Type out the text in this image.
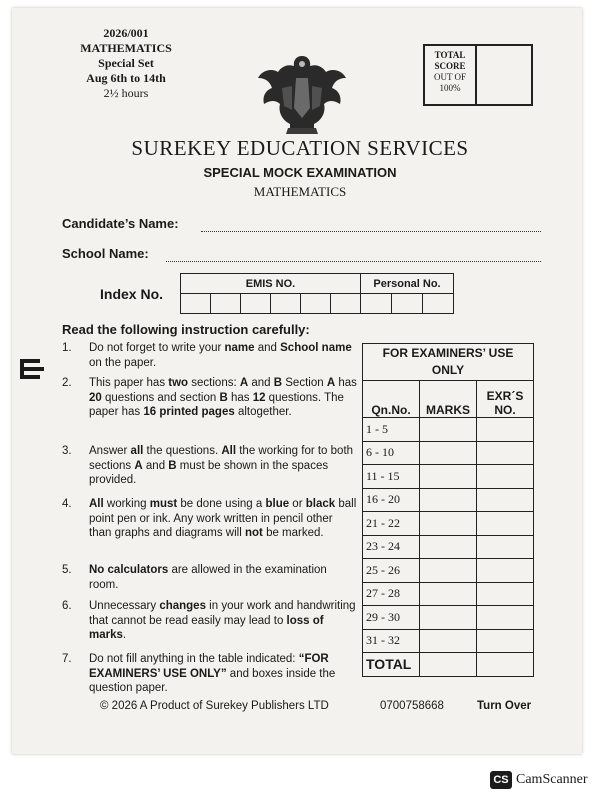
2026/001
MATHEMATICS
Special Set
Aug 6th to 14th
2½ hours
TOTAL
SCORE
OUT OF
100%
SUREKEY EDUCATION SERVICES
SPECIAL MOCK EXAMINATION
MATHEMATICS
Candidate’s Name:
School Name:
Index No.
EMIS NO.						Personal No.		

Read the following instruction carefully:
1.	Do not forget to write your name and School name on the paper.
2.	This paper has two sections: A and B Section A has 20 questions and section B has 12 questions. The paper has 16 printed pages altogether.
3.	Answer all the questions. All the working for to both sections A and B must be shown in the spaces provided.
4.	All working must be done using a blue or black ball point pen or ink. Any work written in pencil other than graphs and diagrams will not be marked.
5.	No calculators are allowed in the examination room.
6.	Unnecessary changes in your work and handwriting that cannot be read easily may lead to loss of marks.
7.	Do not fill anything in the table indicated: “FOR EXAMINERS’ USE ONLY” and boxes inside the question paper.
FOR EXAMINERS’ USE ONLY		
Qn.No.	MARKS	EXR´S NO.
1 - 5		
6 - 10		
11 - 15		
16 - 20		
21 - 22		
23 - 24		
25 - 26		
27 - 28		
29 - 30		
31 - 32		
TOTAL		
© 2026 A Product of Surekey Publishers LTD	0700758668	Turn Over
CS CamScanner
